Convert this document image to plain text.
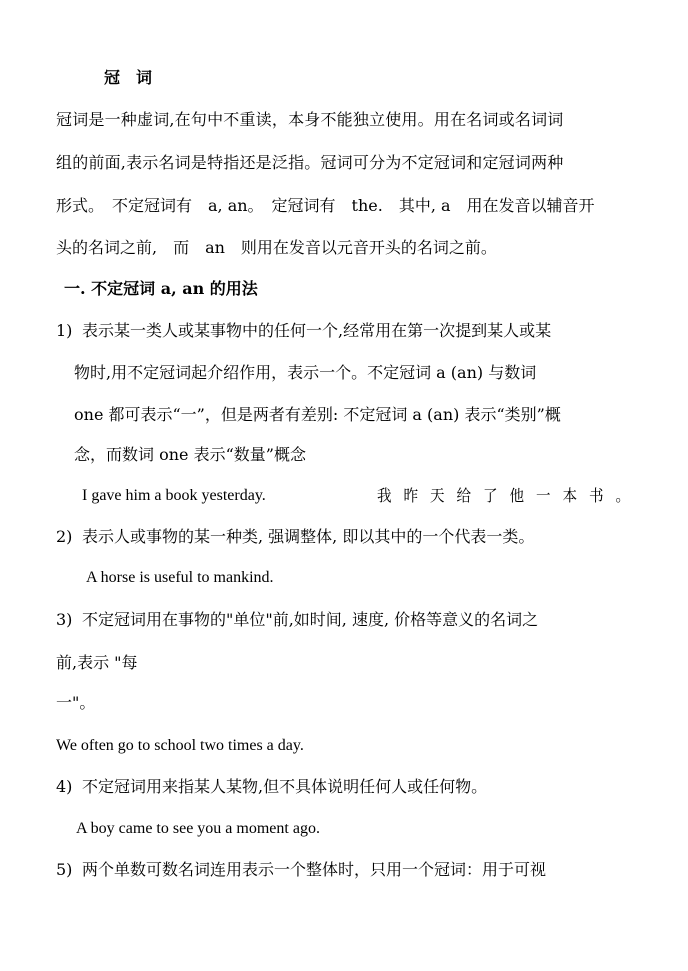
冠　词
冠词是一种虚词,在句中不重读，本身不能独立使用。用在名词或名词词
组的前面,表示名词是特指还是泛指。冠词可分为不定冠词和定冠词两种
形式。　不定冠词有　a, an。　定冠词有　the.　其中, a　用在发音以辅音开
头的名词之前,　而　an　则用在发音以元音开头的名词之前。
一. 不定冠词 a, an 的用法
1) 表示某一类人或某事物中的任何一个,经常用在第一次提到某人或某
物时,用不定冠词起介绍作用，表示一个。不定冠词 a (an) 与数词
one 都可表示“一”，但是两者有差别: 不定冠词 a (an) 表示“类别”概
念，而数词 one 表示“数量”概念
I gave him a book yesterday.	我 昨 天 给 了 他 一 本 书 。
2) 表示人或事物的某一种类, 强调整体, 即以其中的一个代表一类。
A horse is useful to mankind.
3) 不定冠词用在事物的"单位"前,如时间, 速度, 价格等意义的名词之
前,表示 "每
一"。
We often go to school two times a day.
4) 不定冠词用来指某人某物,但不具体说明任何人或任何物。
A boy came to see you a moment ago.
5) 两个单数可数名词连用表示一个整体时，只用一个冠词：用于可视
